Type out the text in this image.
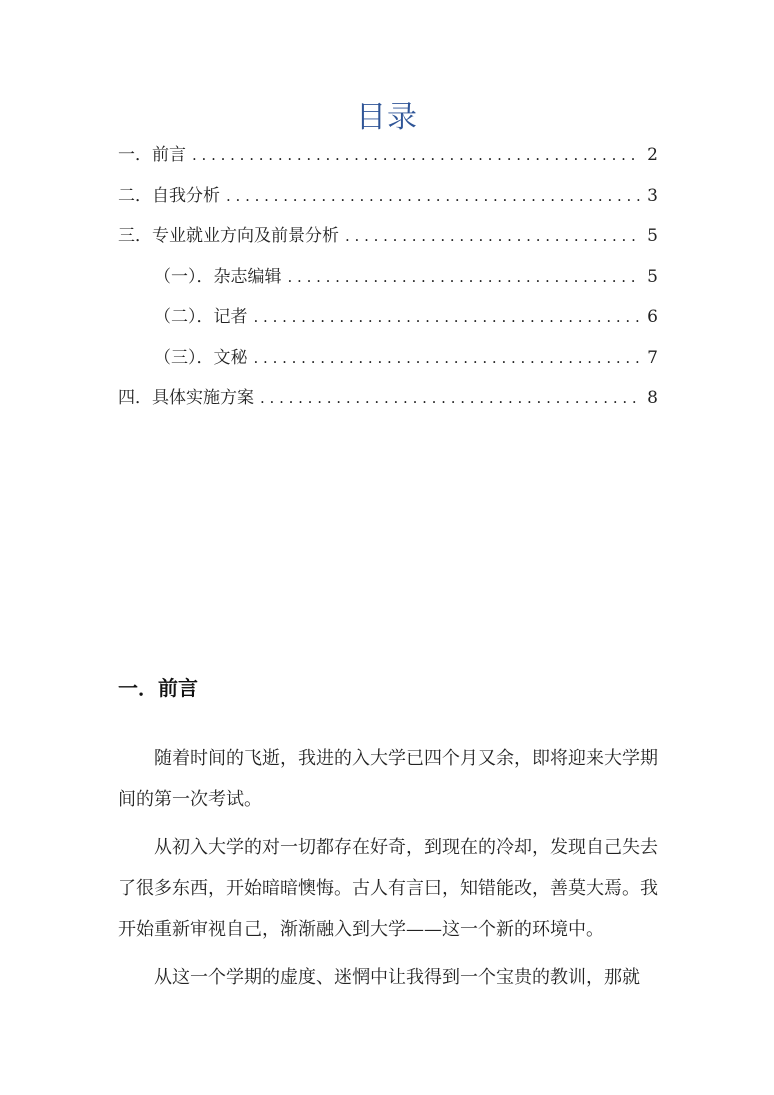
目录
一．前言 . . .	2
二．自我分析 . . .	3
三．专业就业方向及前景分析 . . .	5
（一）．杂志编辑 . . .	5
（二）．记者 . . .	6
（三）．文秘 . . .	7
四．具体实施方案 . . .	8
一．前言

随着时间的飞逝，我进的入大学已四个月又余，即将迎来大学期间的第一次考试。

从初入大学的对一切都存在好奇，到现在的冷却，发现自己失去了很多东西，开始暗暗懊悔。古人有言曰，知错能改，善莫大焉。我开始重新审视自己，渐渐融入到大学——这一个新的环境中。

从这一个学期的虚度、迷惘中让我得到一个宝贵的教训，那就
